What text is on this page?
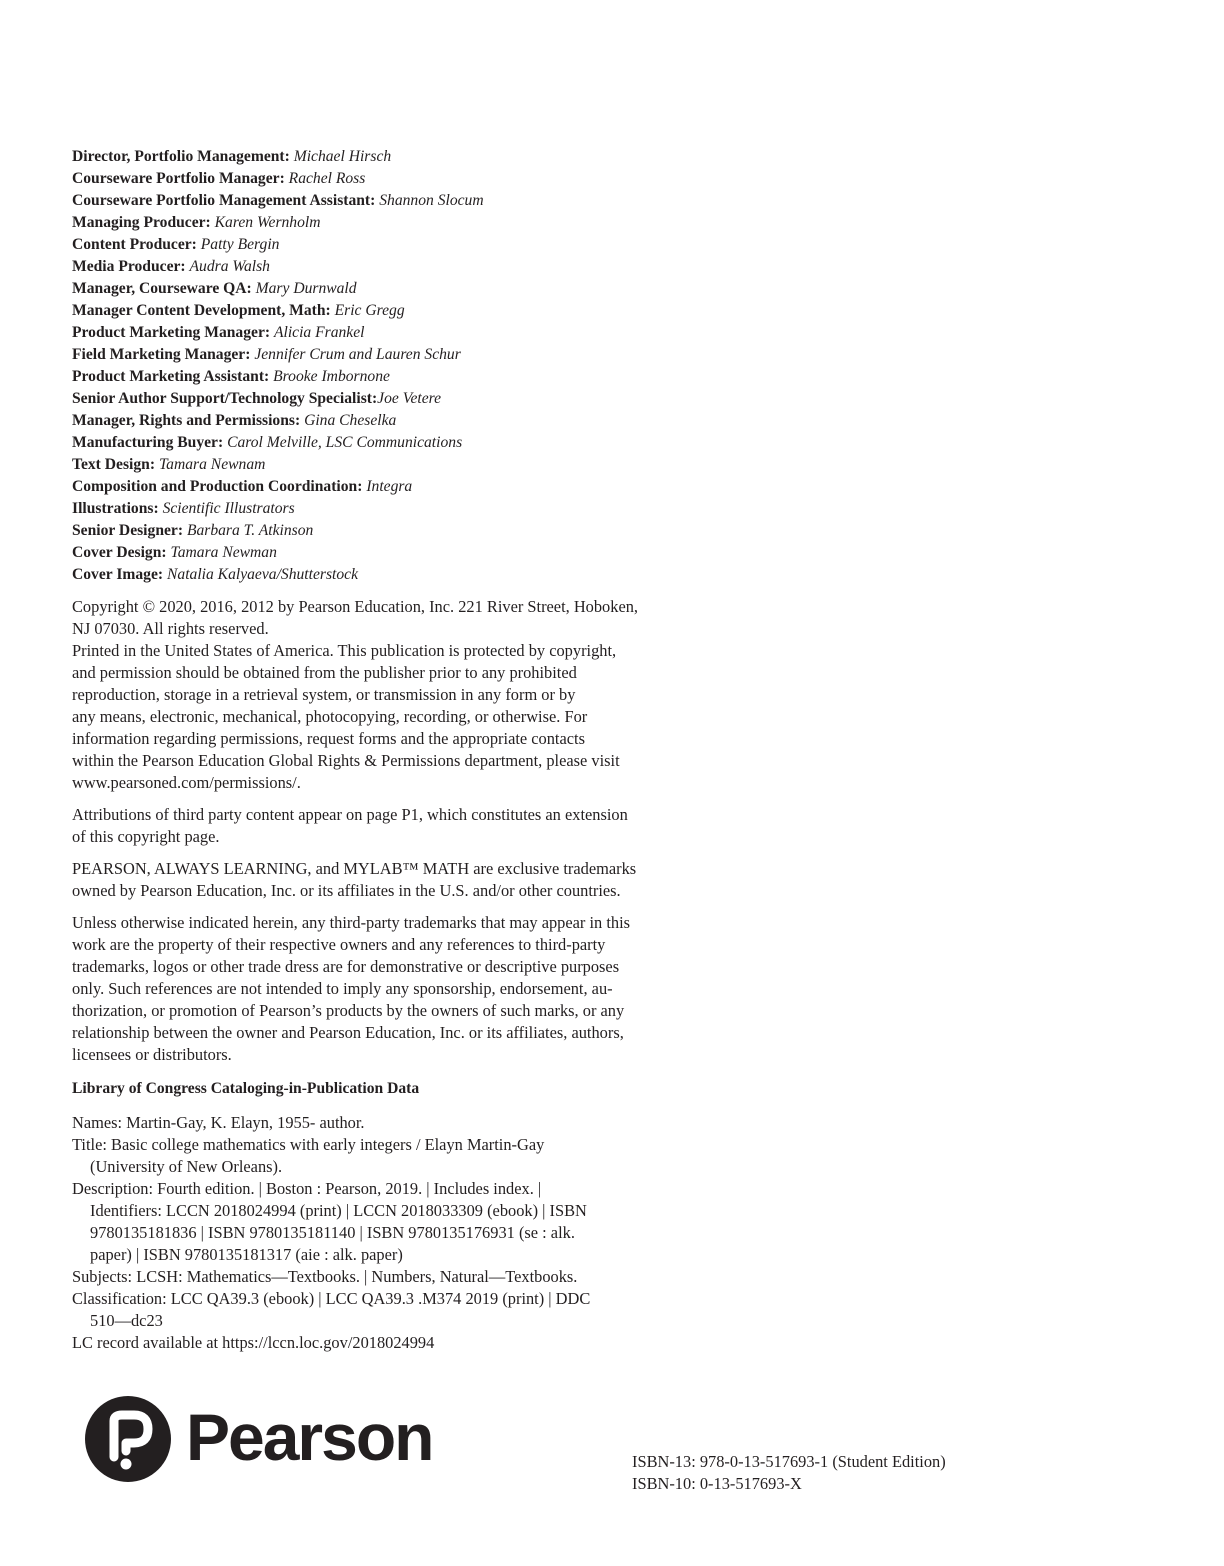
Director, Portfolio Management: Michael Hirsch
Courseware Portfolio Manager: Rachel Ross
Courseware Portfolio Management Assistant: Shannon Slocum
Managing Producer: Karen Wernholm
Content Producer: Patty Bergin
Media Producer: Audra Walsh
Manager, Courseware QA: Mary Durnwald
Manager Content Development, Math: Eric Gregg
Product Marketing Manager: Alicia Frankel
Field Marketing Manager: Jennifer Crum and Lauren Schur
Product Marketing Assistant: Brooke Imbornone
Senior Author Support/Technology Specialist:Joe Vetere
Manager, Rights and Permissions: Gina Cheselka
Manufacturing Buyer: Carol Melville, LSC Communications
Text Design: Tamara Newnam
Composition and Production Coordination: Integra
Illustrations: Scientific Illustrators
Senior Designer: Barbara T. Atkinson
Cover Design: Tamara Newman
Cover Image: Natalia Kalyaeva/Shutterstock

Copyright © 2020, 2016, 2012 by Pearson Education, Inc. 221 River Street, Hoboken,

NJ 07030. All rights reserved.

Printed in the United States of America. This publication is protected by copyright,

and permission should be obtained from the publisher prior to any prohibited

reproduction, storage in a retrieval system, or transmission in any form or by

any means, electronic, mechanical, photocopying, recording, or otherwise. For

information regarding permissions, request forms and the appropriate contacts

within the Pearson Education Global Rights & Permissions department, please visit

www.pearsoned.com/permissions/.

Attributions of third party content appear on page P1, which constitutes an extension

of this copyright page.

PEARSON, ALWAYS LEARNING, and MYLAB™ MATH are exclusive trademarks

owned by Pearson Education, Inc. or its affiliates in the U.S. and/or other countries.

Unless otherwise indicated herein, any third-party trademarks that may appear in this

work are the property of their respective owners and any references to third-party

trademarks, logos or other trade dress are for demonstrative or descriptive purposes

only. Such references are not intended to imply any sponsorship, endorsement, au-

thorization, or promotion of Pearson’s products by the owners of such marks, or any

relationship between the owner and Pearson Education, Inc. or its affiliates, authors,

licensees or distributors.

Library of Congress Cataloging-in-Publication Data
Names: Martin-Gay, K. Elayn, 1955- author.
Title: Basic college mathematics with early integers / Elayn Martin-Gay
(University of New Orleans).
Description: Fourth edition. | Boston : Pearson, 2019. | Includes index. |
Identifiers: LCCN 2018024994 (print) | LCCN 2018033309 (ebook) | ISBN
9780135181836 | ISBN 9780135181140 | ISBN 9780135176931 (se : alk.
paper) | ISBN 9780135181317 (aie : alk. paper)
Subjects: LCSH: Mathematics—Textbooks. | Numbers, Natural—Textbooks.
Classification: LCC QA39.3 (ebook) | LCC QA39.3 .M374 2019 (print) | DDC
510—dc23
LC record available at https://lccn.loc.gov/2018024994
Pearson	ISBN-13: 978-0-13-517693-1 (Student Edition)
ISBN-10: 0-13-517693-X
